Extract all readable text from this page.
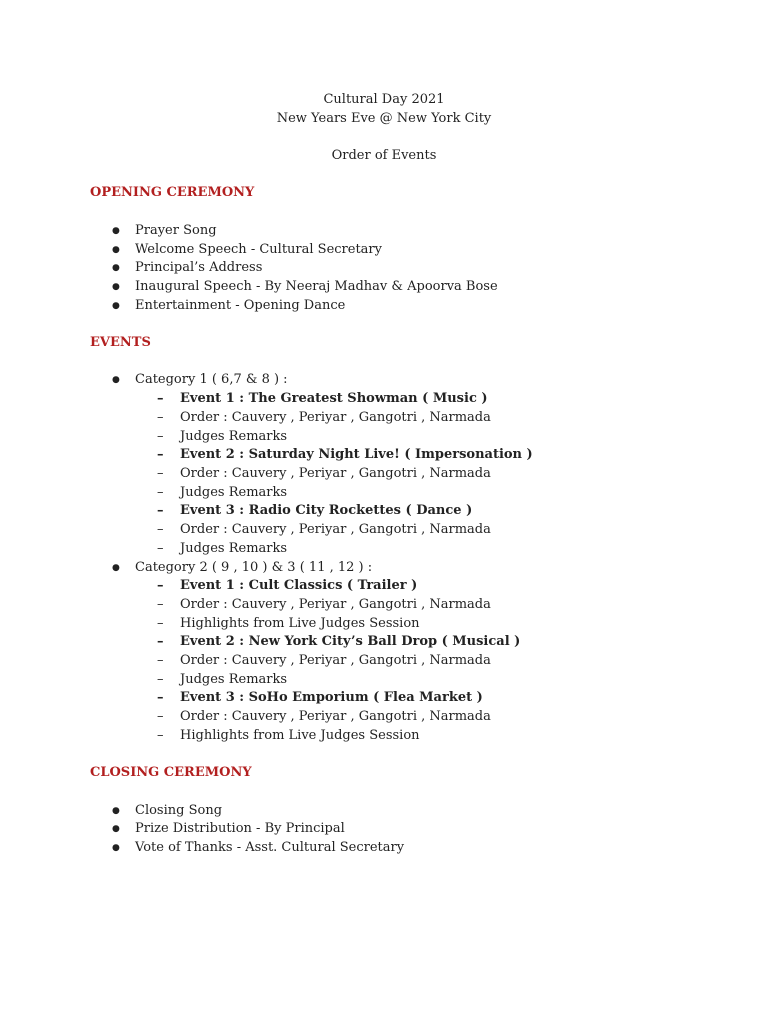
Cultural Day 2021
New Years Eve @ New York City
Order of Events
OPENING CEREMONY
● Prayer Song
● Welcome Speech - Cultural Secretary
● Principal’s Address
● Inaugural Speech - By Neeraj Madhav & Apoorva Bose
● Entertainment - Opening Dance
EVENTS
● Category 1 ( 6,7 & 8 ) :
– Event 1 : The Greatest Showman ( Music )
– Order : Cauvery , Periyar , Gangotri , Narmada
– Judges Remarks
– Event 2 : Saturday Night Live! ( Impersonation )
– Order : Cauvery , Periyar , Gangotri , Narmada
– Judges Remarks
– Event 3 : Radio City Rockettes ( Dance )
– Order : Cauvery , Periyar , Gangotri , Narmada
– Judges Remarks
● Category 2 ( 9 , 10 ) & 3 ( 11 , 12 ) :
– Event 1 : Cult Classics ( Trailer )
– Order : Cauvery , Periyar , Gangotri , Narmada
– Highlights from Live Judges Session
– Event 2 : New York City’s Ball Drop ( Musical )
– Order : Cauvery , Periyar , Gangotri , Narmada
– Judges Remarks
– Event 3 : SoHo Emporium ( Flea Market )
– Order : Cauvery , Periyar , Gangotri , Narmada
– Highlights from Live Judges Session
CLOSING CEREMONY
● Closing Song
● Prize Distribution - By Principal
● Vote of Thanks - Asst. Cultural Secretary
